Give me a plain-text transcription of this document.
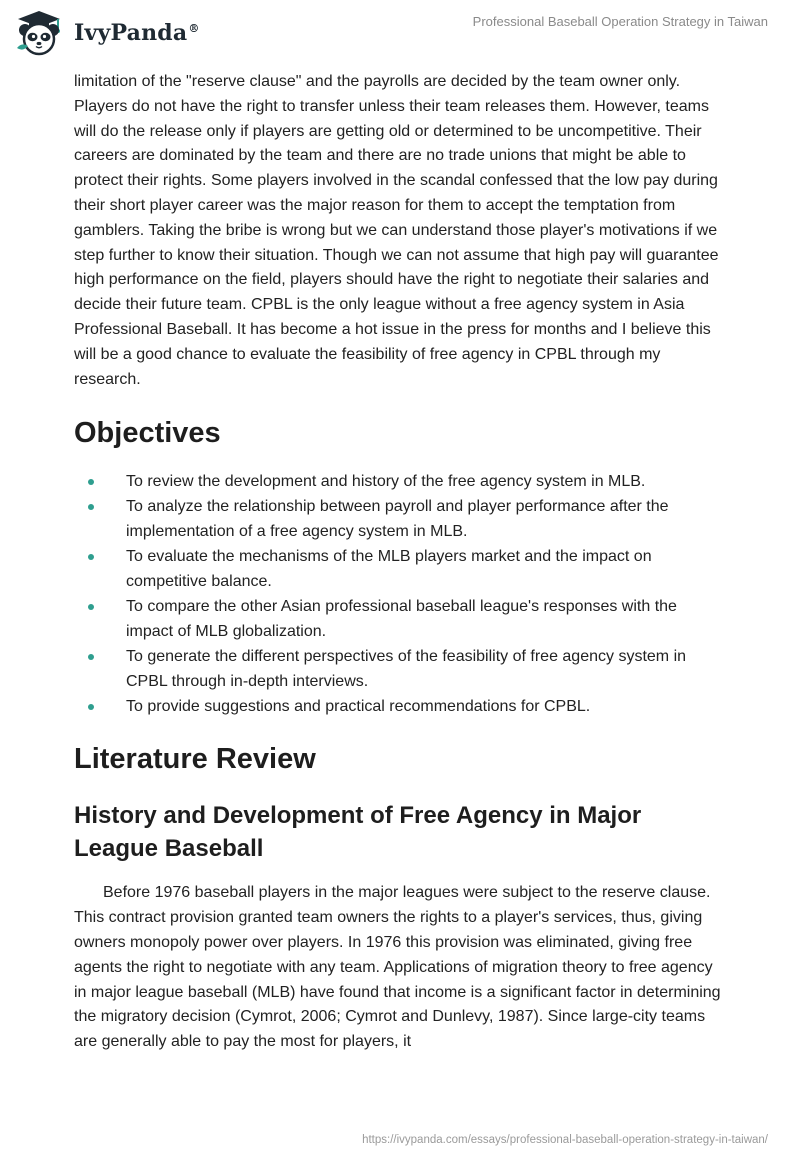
IvyPanda®	Professional Baseball Operation Strategy in Taiwan

limitation of the "reserve clause" and the payrolls are decided by the team owner only. Players do not have the right to transfer unless their team releases them. However, teams will do the release only if players are getting old or determined to be uncompetitive. Their careers are dominated by the team and there are no trade unions that might be able to protect their rights. Some players involved in the scandal confessed that the low pay during their short player career was the major reason for them to accept the temptation from gamblers. Taking the bribe is wrong but we can understand those player's motivations if we step further to know their situation. Though we can not assume that high pay will guarantee high performance on the field, players should have the right to negotiate their salaries and decide their future team. CPBL is the only league without a free agency system in Asia Professional Baseball. It has become a hot issue in the press for months and I believe this will be a good chance to evaluate the feasibility of free agency in CPBL through my research.

Objectives
To review the development and history of the free agency system in MLB.
To analyze the relationship between payroll and player performance after the implementation of a free agency system in MLB.
To evaluate the mechanisms of the MLB players market and the impact on competitive balance.
To compare the other Asian professional baseball league's responses with the impact of MLB globalization.
To generate the different perspectives of the feasibility of free agency system in CPBL through in-depth interviews.
To provide suggestions and practical recommendations for CPBL.
Literature Review
History and Development of Free Agency in Major League Baseball

Before 1976 baseball players in the major leagues were subject to the reserve clause. This contract provision granted team owners the rights to a player's services, thus, giving owners monopoly power over players. In 1976 this provision was eliminated, giving free agents the right to negotiate with any team. Applications of migration theory to free agency in major league baseball (MLB) have found that income is a significant factor in determining the migratory decision (Cymrot, 2006; Cymrot and Dunlevy, 1987). Since large-city teams are generally able to pay the most for players, it

https://ivypanda.com/essays/professional-baseball-operation-strategy-in-taiwan/
